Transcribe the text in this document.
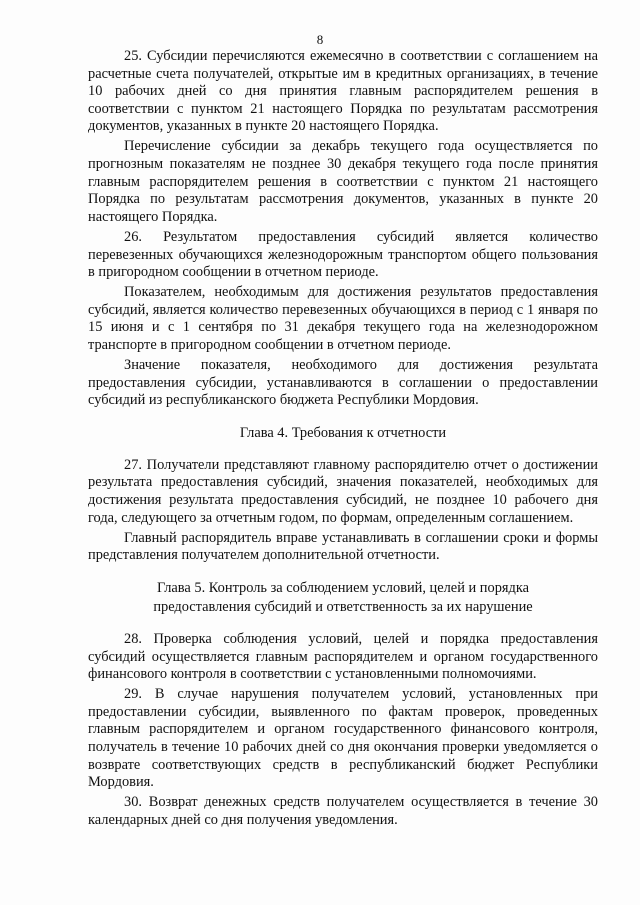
8

25. Субсидии перечисляются ежемесячно в соответствии с соглашением на расчетные счета получателей, открытые им в кредитных организациях, в течение 10 рабочих дней со дня принятия главным распорядителем решения в соответствии с пунктом 21 настоящего Порядка по результатам рассмотрения документов, указанных в пункте 20 настоящего Порядка.

Перечисление субсидии за декабрь текущего года осуществляется по прогнозным показателям не позднее 30 декабря текущего года после принятия главным распорядителем решения в соответствии с пунктом 21 настоящего Порядка по результатам рассмотрения документов, указанных в пункте 20 настоящего Порядка.

26. Результатом предоставления субсидий является количество перевезенных обучающихся железнодорожным транспортом общего пользования в пригородном сообщении в отчетном периоде.

Показателем, необходимым для достижения результатов предоставления субсидий, является количество перевезенных обучающихся в период с 1 января по 15 июня и с 1 сентября по 31 декабря текущего года на железнодорожном транспорте в пригородном сообщении в отчетном периоде.

Значение показателя, необходимого для достижения результата предоставления субсидии, устанавливаются в соглашении о предоставлении субсидий из республиканского бюджета Республики Мордовия.

Глава 4. Требования к отчетности

27. Получатели представляют главному распорядителю отчет о достижении результата предоставления субсидий, значения показателей, необходимых для достижения результата предоставления субсидий, не позднее 10 рабочего дня года, следующего за отчетным годом, по формам, определенным соглашением.

Главный распорядитель вправе устанавливать в соглашении сроки и формы представления получателем дополнительной отчетности.

Глава 5. Контроль за соблюдением условий, целей и порядка
предоставления субсидий и ответственность за их нарушение

28. Проверка соблюдения условий, целей и порядка предоставления субсидий осуществляется главным распорядителем и органом государственного финансового контроля в соответствии с установленными полномочиями.

29. В случае нарушения получателем условий, установленных при предоставлении субсидии, выявленного по фактам проверок, проведенных главным распорядителем и органом государственного финансового контроля, получатель в течение 10 рабочих дней со дня окончания проверки уведомляется о возврате соответствующих средств в республиканский бюджет Республики Мордовия.

30. Возврат денежных средств получателем осуществляется в течение 30 календарных дней со дня получения уведомления.
